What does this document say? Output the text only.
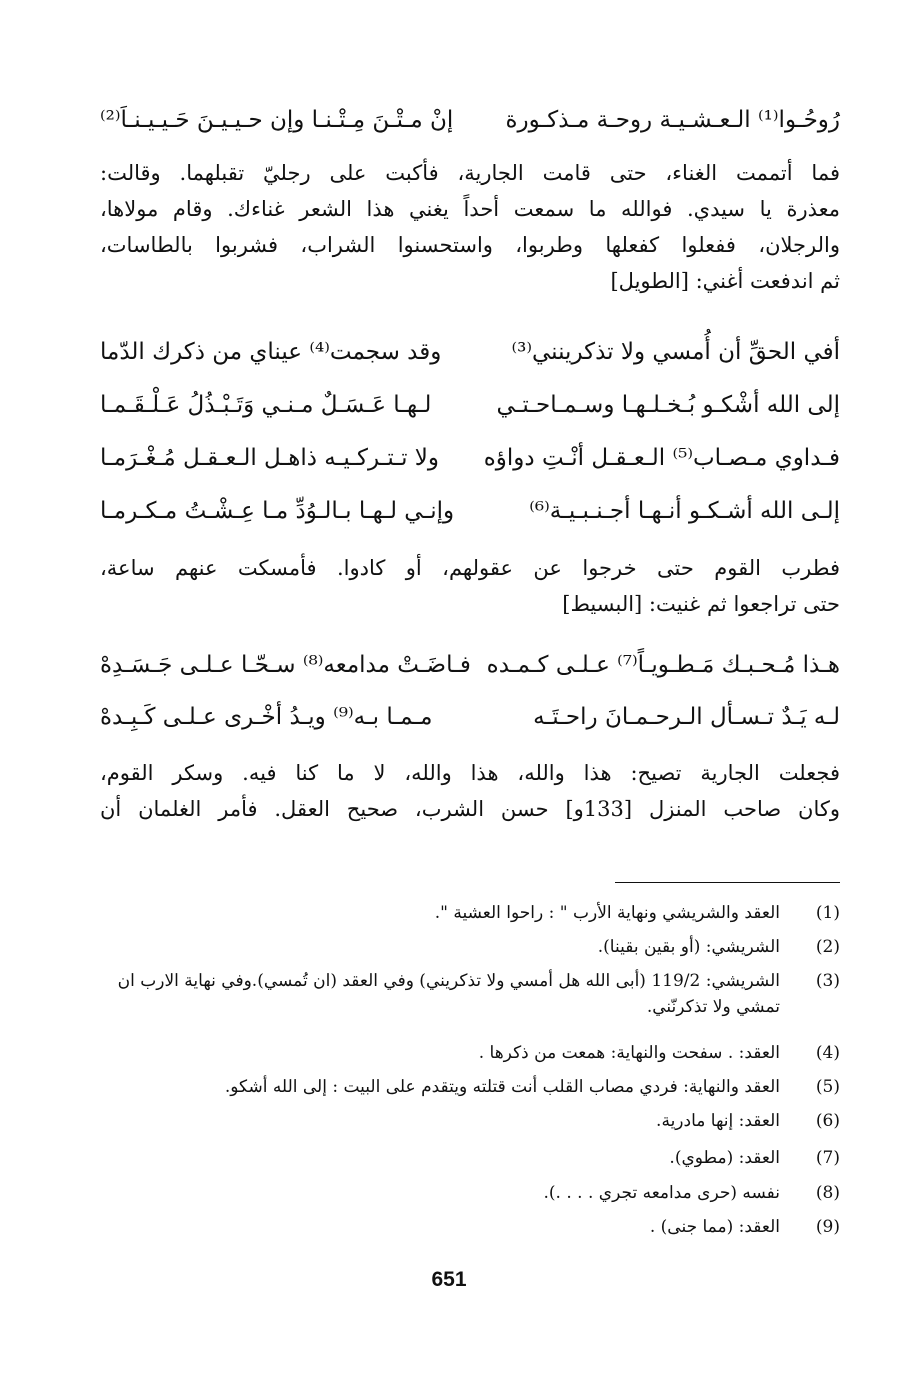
رُوحُـوا⁽¹⁾ الـعـشـيـة روحـة مـذكـورة
إنْ مـتْـنَ مِـتْـنـا وإن حـيـيـنَ حَـيـيـنـاَ⁽²⁾
فما أتممت الغناء، حتى قامت الجارية، فأكبت على رجليّ تقبلهما. وقالت:
معذرة يا سيدي. فوالله ما سمعت أحداً يغني هذا الشعر غناءك. وقام مولاها،
والرجلان، ففعلوا كفعلها وطربوا، واستحسنوا الشراب، فشربوا بالطاسات،
ثم اندفعت أغني: [الطويل]
أفي الحقِّ أن أُمسي ولا تذكرينني⁽³⁾
وقد سجمت⁽⁴⁾ عيناي من ذكرك الدّما
إلى الله أشْكـو بُـخـلـهـا وسـمـاحـتـي
لـهـا عَـسَـلٌ مـنـي وَتَـبْـذُلُ عَـلْـقَـمـا
فـداوي مـصـاب⁽⁵⁾ الـعـقـل أنْـتِ دواؤه
ولا تـتـركـيـه ذاهـل الـعـقـل مُـغْـرَمـا
إلـى الله أشـكـو أنـهـا أجـنـبـيـة⁽⁶⁾
وإنـي لـهـا بـالـوُدِّ مـا عِـشْـتُ مـكـرمـا
فطرب القوم حتى خرجوا عن عقولهم، أو كادوا. فأمسكت عنهم ساعة،
حتى تراجعوا ثم غنيت: [البسيط]
هـذا مُـحـبـك مَـطـويـاً⁽⁷⁾ عـلـى كـمـده
فـاضَـتْ مدامعه⁽⁸⁾ سـحّـا عـلـى جَـسَـدِهْ
لـه يَـدٌ تـسـأل الـرحـمـانَ راحـتَـه
مـمـا بـه⁽⁹⁾ ويـدُ أخْـرى عـلـى كَـبِـدهْ
فجعلت الجارية تصيح: هذا والله، هذا والله، لا ما كنا فيه. وسكر القوم،
وكان صاحب المنزل [133و] حسن الشرب، صحيح العقل. فأمر الغلمان أن
(1)
العقد والشريشي ونهاية الأرب " : راحوا العشية ".
(2)
الشريشي: (أو بقين بقينا).
(3)
الشريشي: 119/2 (أبى الله هل أمسي ولا تذكريني) وفي العقد (ان تُمسي).وفي نهاية الارب ان تمشي ولا تذكرنّني.
(4)
العقد: . سفحت والنهاية: همعت من ذكرها .
(5)
العقد والنهاية: فردي مصاب القلب أنت قتلته ويتقدم على البيت : إلى الله أشكو.
(6)
العقد: إنها مادرية.
(7)
العقد: (مطوي).
(8)
نفسه (حرى مدامعه تجري . . . .).
(9)
العقد: (مما جنى) .
651
